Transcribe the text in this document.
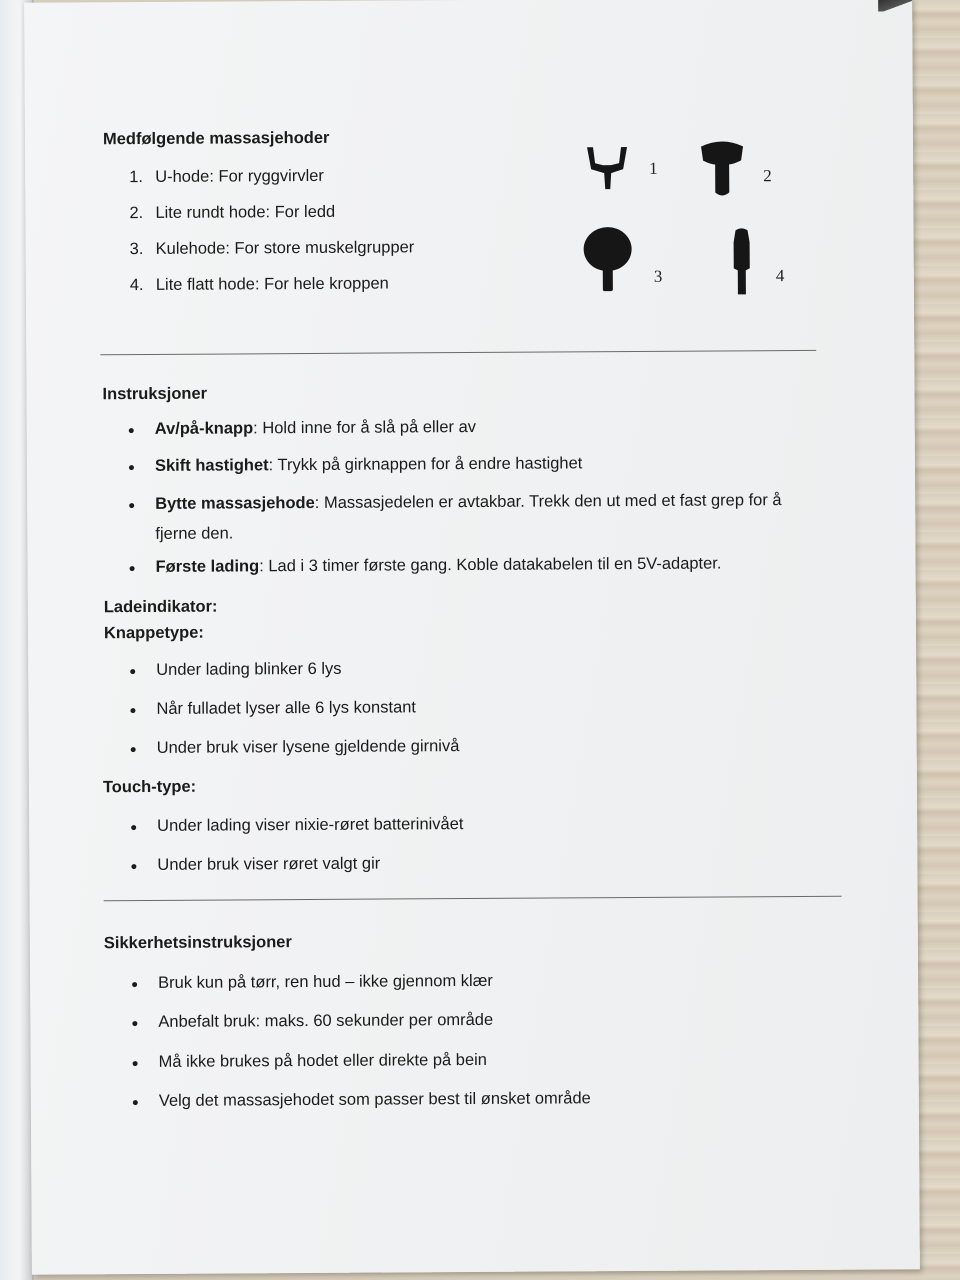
Medfølgende massasjehoder
1. U-hode: For ryggvirvler
2. Lite rundt hode: For ledd
3. Kulehode: For store muskelgrupper
4. Lite flatt hode: For hele kroppen
1	2
3	4
Instruksjoner
Av/på-knapp: Hold inne for å slå på eller av
Skift hastighet: Trykk på girknappen for å endre hastighet
Bytte massasjehode: Massasjedelen er avtakbar. Trekk den ut med et fast grep for å fjerne den.
Første lading: Lad i 3 timer første gang. Koble datakabelen til en 5V-adapter.
Ladeindikator:
Knappetype:
Under lading blinker 6 lys
Når fulladet lyser alle 6 lys konstant
Under bruk viser lysene gjeldende girnivå
Touch-type:
Under lading viser nixie-røret batterinivået
Under bruk viser røret valgt gir
Sikkerhetsinstruksjoner
Bruk kun på tørr, ren hud – ikke gjennom klær
Anbefalt bruk: maks. 60 sekunder per område
Må ikke brukes på hodet eller direkte på bein
Velg det massasjehodet som passer best til ønsket område
